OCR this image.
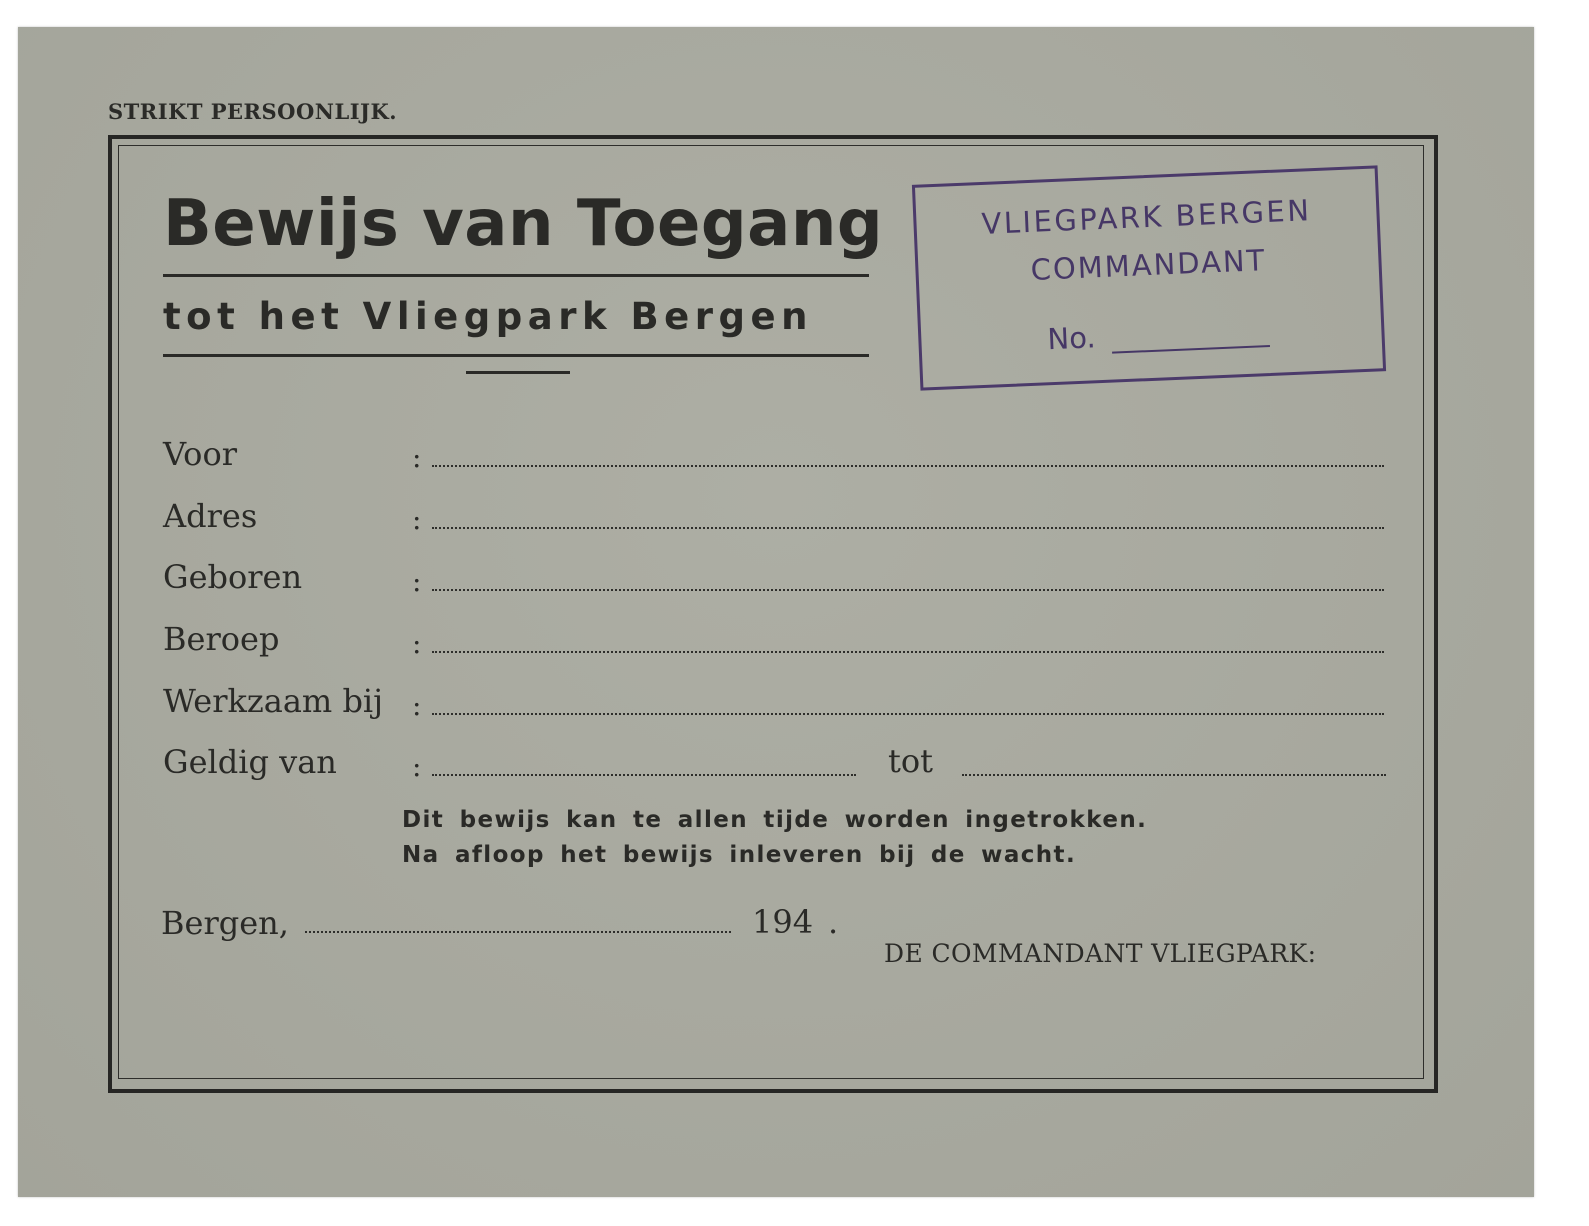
STRIKT PERSOONLIJK.
Bewijs van Toegang
tot het Vliegpark Bergen
VLIEGPARK BERGEN
COMMANDANT
No.
Voor	:
Adres	:
Geboren	:
Beroep	:
Werkzaam bij :
Geldig van	:	tot
Dit bewijs kan te allen tijde worden ingetrokken.
Na afloop het bewijs inleveren bij de wacht.
Bergen,	194 .
DE COMMANDANT VLIEGPARK:
